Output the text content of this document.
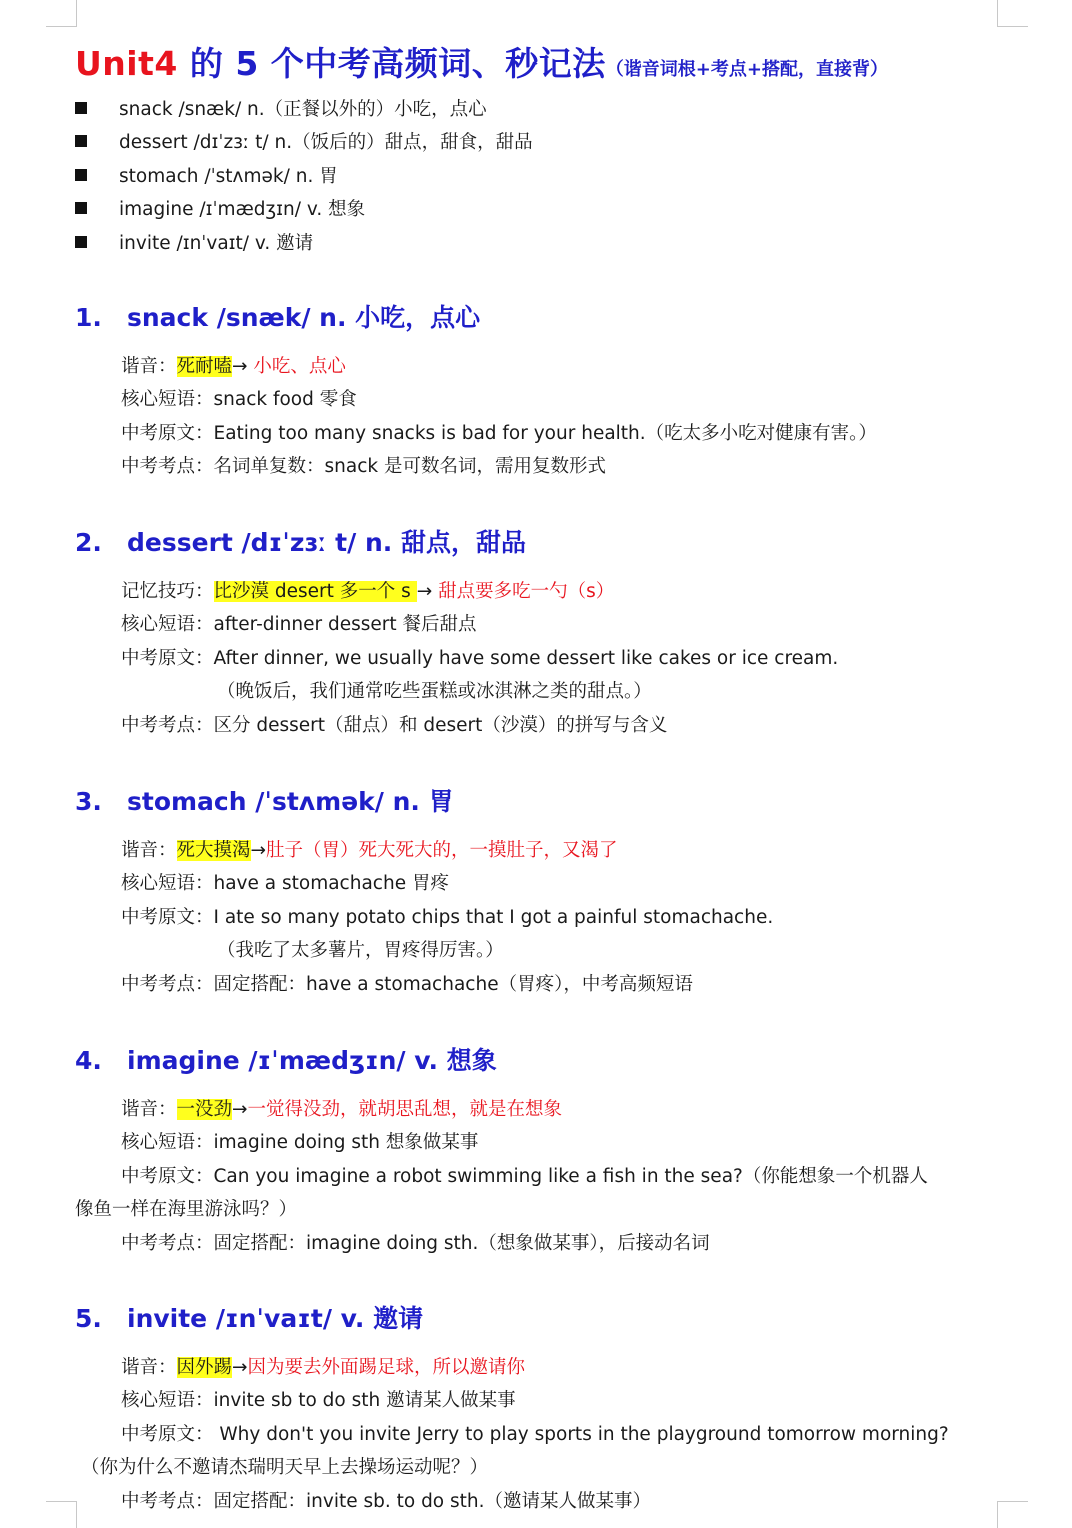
Unit4 的 5 个中考高频词、秒记法（谐音词根+考点+搭配，直接背）
snack /snæk/ n.（正餐以外的）小吃，点心
dessert /dɪˈzɜː t/ n.（饭后的）甜点，甜食，甜品
stomach /ˈstʌmək/ n. 胃
imagine /ɪˈmædʒɪn/ v. 想象
invite /ɪnˈvaɪt/ v. 邀请
1. snack /snæk/ n. 小吃，点心
谐音：死耐嗑→ 小吃、点心
核心短语：snack food 零食
中考原文：Eating too many snacks is bad for your health.（吃太多小吃对健康有害。）
中考考点：名词单复数：snack 是可数名词，需用复数形式
2. dessert /dɪˈzɜː t/ n. 甜点，甜品
记忆技巧：比沙漠 desert 多一个 s → 甜点要多吃一勺（s）
核心短语：after-dinner dessert 餐后甜点
中考原文：After dinner, we usually have some dessert like cakes or ice cream.
（晚饭后，我们通常吃些蛋糕或冰淇淋之类的甜点。）
中考考点：区分 dessert（甜点）和 desert（沙漠）的拼写与含义
3. stomach /ˈstʌmək/ n. 胃
谐音：死大摸渴→肚子（胃）死大死大的，一摸肚子，又渴了
核心短语：have a stomachache 胃疼
中考原文：I ate so many potato chips that I got a painful stomachache.
（我吃了太多薯片，胃疼得厉害。）
中考考点：固定搭配：have a stomachache（胃疼），中考高频短语
4. imagine /ɪˈmædʒɪn/ v. 想象
谐音：一没劲→一觉得没劲，就胡思乱想，就是在想象
核心短语：imagine doing sth 想象做某事
中考原文：Can you imagine a robot swimming like a fish in the sea?（你能想象一个机器人
像鱼一样在海里游泳吗？）
中考考点：固定搭配：imagine doing sth.（想象做某事），后接动名词
5. invite /ɪnˈvaɪt/ v. 邀请
谐音：因外踢→因为要去外面踢足球，所以邀请你
核心短语：invite sb to do sth 邀请某人做某事
中考原文： Why don't you invite Jerry to play sports in the playground tomorrow morning?
（你为什么不邀请杰瑞明天早上去操场运动呢？）
中考考点：固定搭配：invite sb. to do sth.（邀请某人做某事）
